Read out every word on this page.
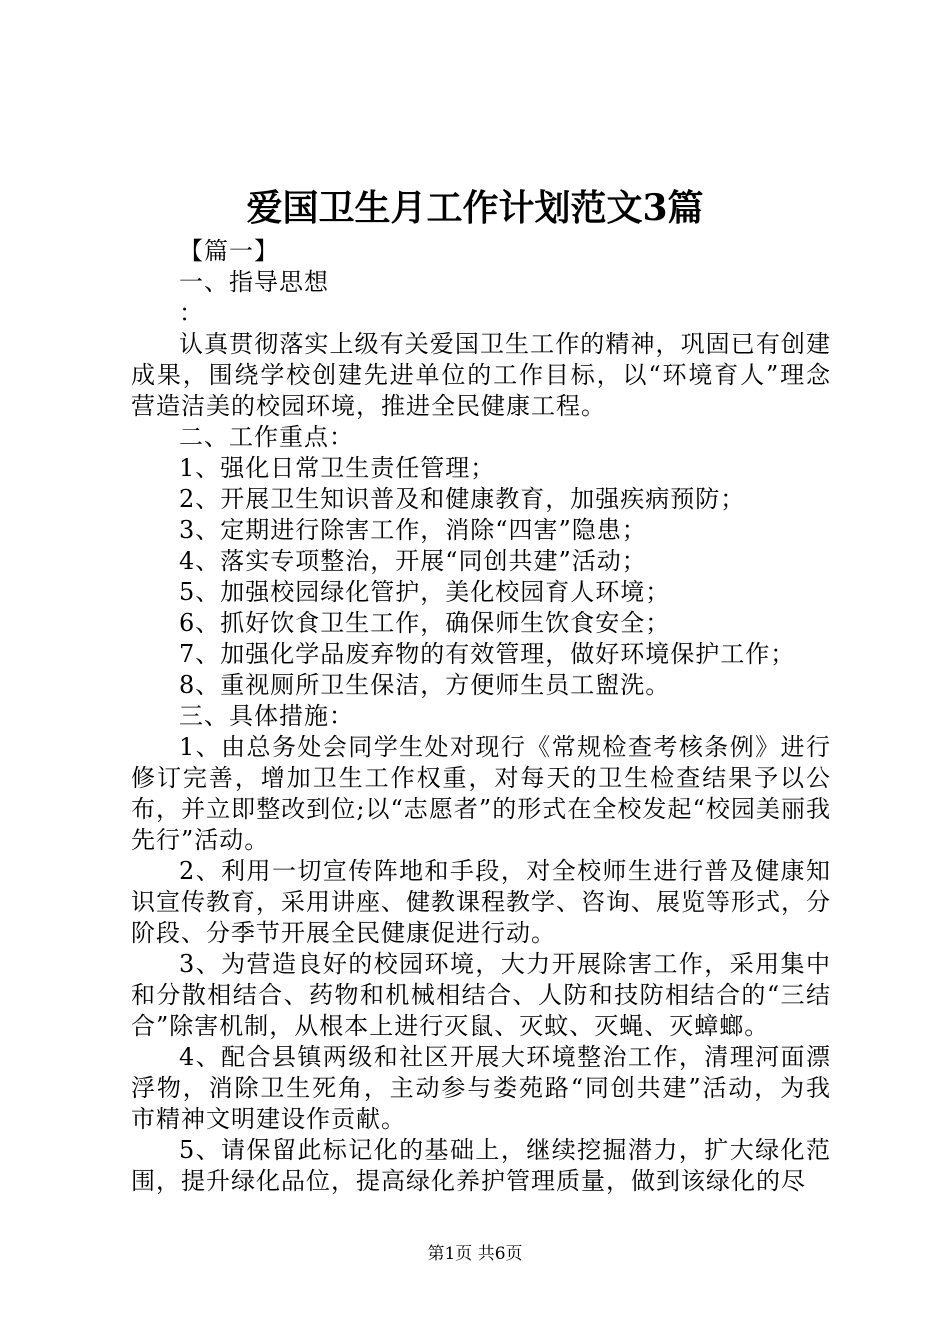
爱国卫生月工作计划范文3篇

【篇一】

一、指导思想

：

认真贯彻落实上级有关爱国卫生工作的精神，巩固已有创建成果，围绕学校创建先进单位的工作目标，以“环境育人”理念营造洁美的校园环境，推进全民健康工程。

二、工作重点：

1、强化日常卫生责任管理；

2、开展卫生知识普及和健康教育，加强疾病预防；

3、定期进行除害工作，消除“四害”隐患；

4、落实专项整治，开展“同创共建”活动；

5、加强校园绿化管护，美化校园育人环境；

6、抓好饮食卫生工作，确保师生饮食安全；

7、加强化学品废弃物的有效管理，做好环境保护工作；

8、重视厕所卫生保洁，方便师生员工盥洗。

三、具体措施：

1、由总务处会同学生处对现行《常规检查考核条例》进行修订完善，增加卫生工作权重，对每天的卫生检查结果予以公布，并立即整改到位;以“志愿者”的形式在全校发起“校园美丽我先行”活动。

2、利用一切宣传阵地和手段，对全校师生进行普及健康知识宣传教育，采用讲座、健教课程教学、咨询、展览等形式，分阶段、分季节开展全民健康促进行动。

3、为营造良好的校园环境，大力开展除害工作，采用集中和分散相结合、药物和机械相结合、人防和技防相结合的“三结合”除害机制，从根本上进行灭鼠、灭蚊、灭蝇、灭蟑螂。

4、配合县镇两级和社区开展大环境整治工作，清理河面漂浮物，消除卫生死角，主动参与娄苑路“同创共建”活动，为我市精神文明建设作贡献。

5、请保留此标记化的基础上，继续挖掘潜力，扩大绿化范围，提升绿化品位，提高绿化养护管理质量，做到该绿化的尽

第1页 共6页
